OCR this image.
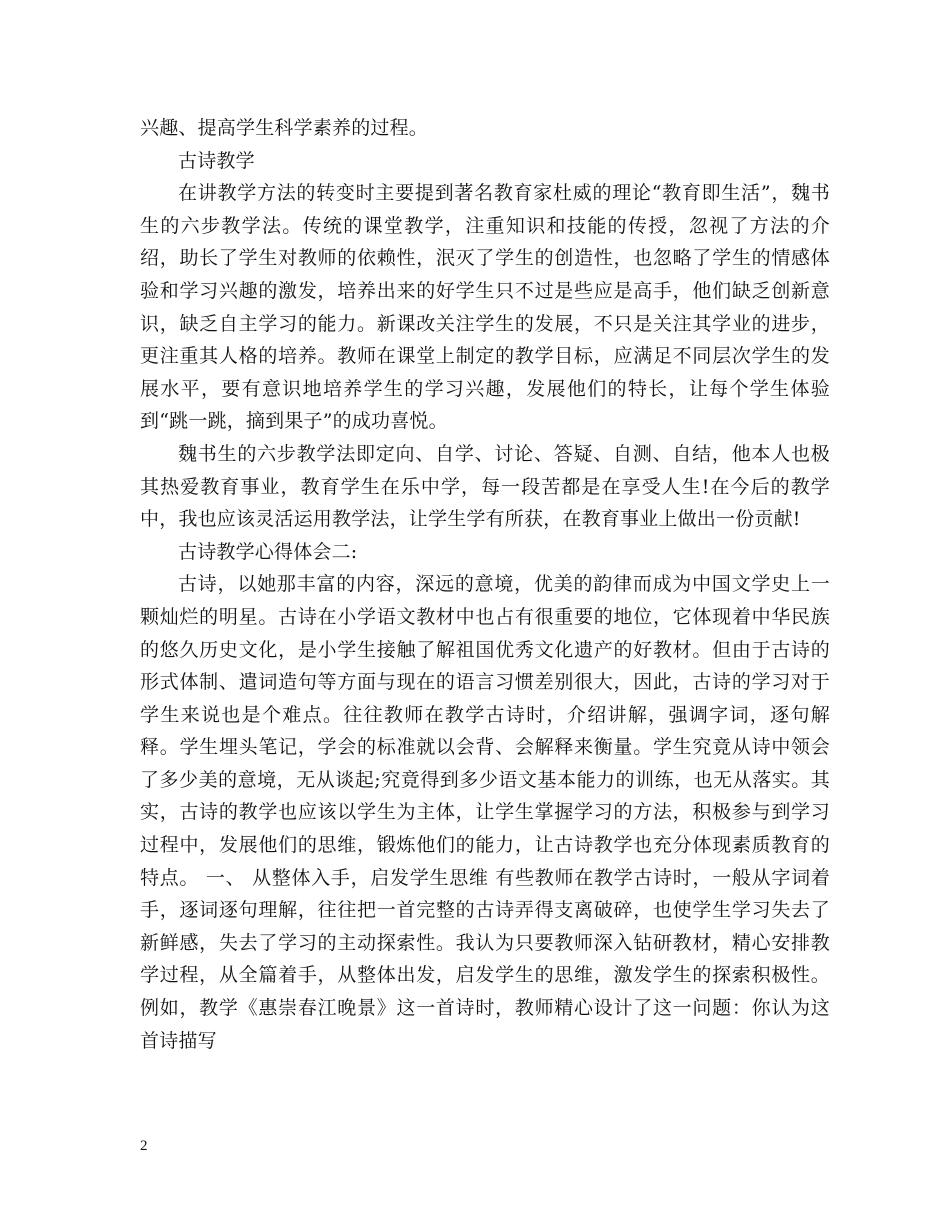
兴趣、提高学生科学素养的过程。

古诗教学

在讲教学方法的转变时主要提到著名教育家杜威的理论“教育即生活”，魏书生的六步教学法。传统的课堂教学，注重知识和技能的传授，忽视了方法的介绍，助长了学生对教师的依赖性，泯灭了学生的创造性，也忽略了学生的情感体验和学习兴趣的激发，培养出来的好学生只不过是些应是高手，他们缺乏创新意识，缺乏自主学习的能力。新课改关注学生的发展，不只是关注其学业的进步，更注重其人格的培养。教师在课堂上制定的教学目标，应满足不同层次学生的发展水平，要有意识地培养学生的学习兴趣，发展他们的特长，让每个学生体验到“跳一跳，摘到果子”的成功喜悦。

魏书生的六步教学法即定向、自学、讨论、答疑、自测、自结，他本人也极其热爱教育事业，教育学生在乐中学，每一段苦都是在享受人生!在今后的教学中，我也应该灵活运用教学法，让学生学有所获，在教育事业上做出一份贡献!

古诗教学心得体会二:

古诗，以她那丰富的内容，深远的意境，优美的韵律而成为中国文学史上一颗灿烂的明星。古诗在小学语文教材中也占有很重要的地位，它体现着中华民族的悠久历史文化，是小学生接触了解祖国优秀文化遗产的好教材。但由于古诗的形式体制、遣词造句等方面与现在的语言习惯差别很大，因此，古诗的学习对于学生来说也是个难点。往往教师在教学古诗时，介绍讲解，强调字词，逐句解释。学生埋头笔记，学会的标准就以会背、会解释来衡量。学生究竟从诗中领会了多少美的意境，无从谈起;究竟得到多少语文基本能力的训练，也无从落实。其实，古诗的教学也应该以学生为主体，让学生掌握学习的方法，积极参与到学习过程中，发展他们的思维，锻炼他们的能力，让古诗教学也充分体现素质教育的特点。 一、 从整体入手，启发学生思维 有些教师在教学古诗时，一般从字词着手，逐词逐句理解，往往把一首完整的古诗弄得支离破碎，也使学生学习失去了新鲜感，失去了学习的主动探索性。我认为只要教师深入钻研教材，精心安排教学过程，从全篇着手，从整体出发，启发学生的思维，激发学生的探索积极性。例如，教学《惠崇春江晚景》这一首诗时，教师精心设计了这一问题：你认为这首诗描写

2
